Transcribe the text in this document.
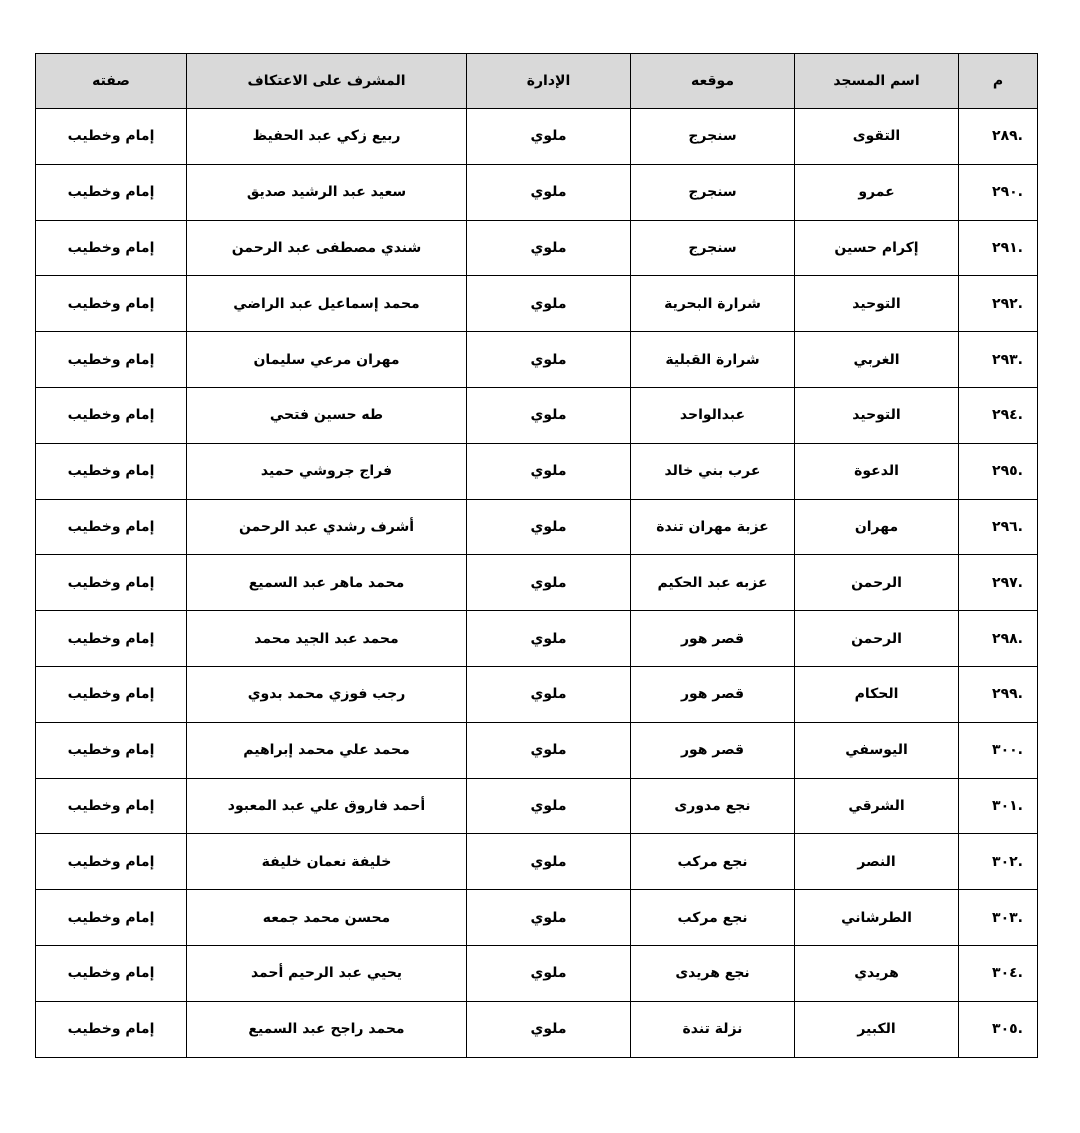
م	اسم المسجد	موقعه	الإدارة	المشرف على الاعتكاف	صفته
.٢٨٩	التقوى	سنجرج	ملوي	ربيع زكي عبد الحفيظ	إمام وخطيب
.٢٩٠	عمرو	سنجرج	ملوي	سعيد عبد الرشيد صديق	إمام وخطيب
.٢٩١	إكرام حسين	سنجرج	ملوي	شندي مصطفى عبد الرحمن	إمام وخطيب
.٢٩٢	التوحيد	شرارة البحرية	ملوي	محمد إسماعيل عبد الراضي	إمام وخطيب
.٢٩٣	الغربي	شرارة القبلية	ملوي	مهران مرعي سليمان	إمام وخطيب
.٢٩٤	التوحيد	عبدالواحد	ملوي	طه حسين فتحي	إمام وخطيب
.٢٩٥	الدعوة	عرب بني خالد	ملوي	فراج جروشي حميد	إمام وخطيب
.٢٩٦	مهران	عزبة مهران تندة	ملوي	أشرف رشدي عبد الرحمن	إمام وخطيب
.٢٩٧	الرحمن	عزبه عبد الحكيم	ملوي	محمد ماهر عبد السميع	إمام وخطيب
.٢٩٨	الرحمن	قصر هور	ملوي	محمد عبد الجيد محمد	إمام وخطيب
.٢٩٩	الحكام	قصر هور	ملوي	رجب فوزي محمد بدوي	إمام وخطيب
.٣٠٠	اليوسفي	قصر هور	ملوي	محمد علي محمد إبراهيم	إمام وخطيب
.٣٠١	الشرقي	نجع مدورى	ملوي	أحمد فاروق علي عبد المعبود	إمام وخطيب
.٣٠٢	النصر	نجع مركب	ملوي	خليفة نعمان خليفة	إمام وخطيب
.٣٠٣	الطرشاني	نجع مركب	ملوي	محسن محمد جمعه	إمام وخطيب
.٣٠٤	هريدي	نجع هريدى	ملوي	يحيي عبد الرحيم أحمد	إمام وخطيب
.٣٠٥	الكبير	نزلة تندة	ملوي	محمد راجح عبد السميع	إمام وخطيب
